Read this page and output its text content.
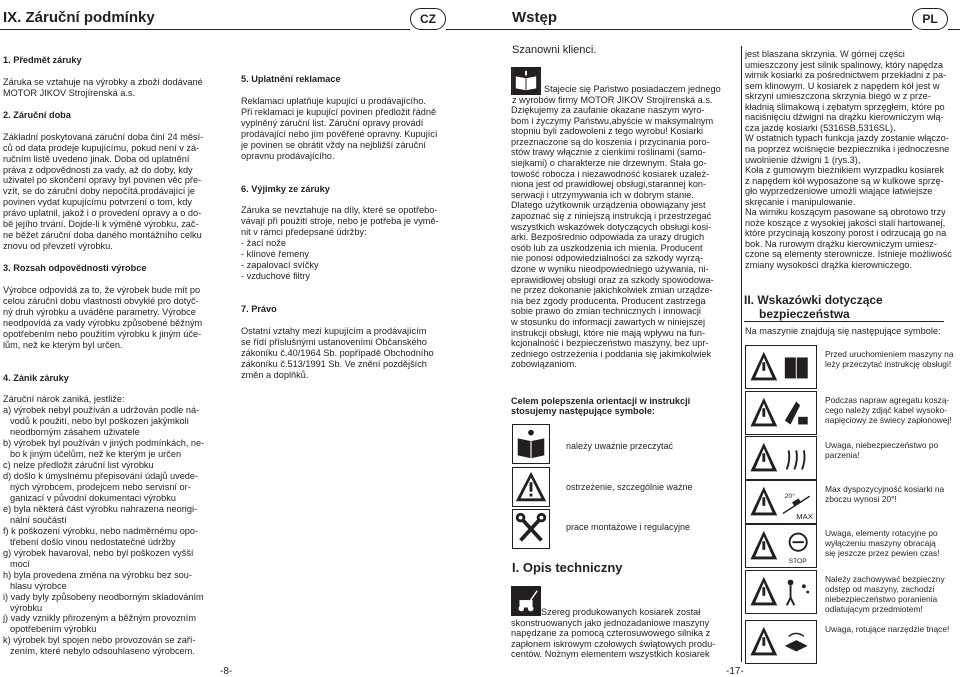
IX. Záruční podmínky	CZ
1. Předmět záruky
Záruka se vztahuje na výrobky a zboží dodávané
MOTOR JIKOV Strojírenská a.s.
2. Záruční doba
Základní poskytovaná záruční doba činí 24 měsí-
ců od data prodeje kupujícímu, pokud není v zá-
ručním listě uvedeno jinak. Doba od uplatnění
práva z odpovědnosti za vady, až do doby, kdy
uživatel po skončení opravy byl povinen věc pře-
vzít, se do záruční doby nepočítá.prodávající je
povinen vydat kupujícímu potvrzení o tom, kdy
právo uplatnil, jakož i o provedení opravy a o do-
bě jejího trvání. Dojde-li k výměně výrobku, zač-
ne běžet záruční doba daného montážního celku
znovu od převzetí výrobku.
3. Rozsah odpovědnosti výrobce
Výrobce odpovídá za to, že výrobek bude mít po
celou záruční dobu vlastnosti obvyklé pro dotyč-
ný druh výrobku a uváděné parametry. Výrobce
neodpovídá za vady výrobku způsobené běžným
opotřebením nebo použitím výrobku k jiným úče-
lům, než ke kterým byl určen.
4. Zánik záruky
Záruční nárok zaniká, jestliže:
a) výrobek nebyl používán a udržován podle ná-
vodů k použití, nebo byl poškozen jakýmkoli
neodborným zásahem uživatele
b) výrobek byl používán v jiných podmínkách, ne-
bo k jiným účelům, než ke kterým je určen
c) nelze předložit záruční list výrobku
d) došlo k úmyslnému přepisování údajů uvede-
ných výrobcem, prodejcem nebo servisní or-
ganizací v původní dokumentaci výrobku
e) byla některá část výrobku nahrazena neorigi-
nální součástí
f) k poškození výrobku, nebo nadměrnému opo-
třebení došlo vinou nedostatečné údržby
g) výrobek havaroval, nebo byl poškozen vyšší
mocí
h) byla provedena změna na výrobku bez sou-
hlasu výrobce
i) vady byly způsobeny neodborným skladováním
výrobku
j) vady vznikly přirozeným a běžným provozním
opotřebením výrobku
k) výrobek byl spojen nebo provozován se zaří-
zením, které nebylo odsouhlaseno výrobcem.
5. Uplatnění reklamace
Reklamaci uplatňuje kupující u prodávajícího.
Při reklamaci je kupující povinen předložit řádně
vyplněný záruční list. Záruční opravy provádí
prodávající nebo jím pověřené opravny. Kupující
je povinen se obrátit vždy na nejbližší záruční
opravnu prodávajícího.
6. Výjimky ze záruky
Záruka se nevztahuje na díly, které se opotřebo-
vávají při použití stroje, nebo je potřeba je vymě-
nit v rámci předepsané údržby:
- žací nože
- klínové řemeny
- zapalovací svíčky
- vzduchové filtry
7. Právo
Ostatní vztahy mezi kupujícím a prodávajícím
se řídí příslušnými ustanoveními Občanského
zákoníku č.40/1964 Sb. popřípadě Obchodního
zákoníku č.513/1991 Sb. Ve znění pozdějších
změn a doplňků.
-8-
Wstęp	PL
-17-
Szanowni klienci.
Stajecie się Państwo posiadaczem jednego
z wyrobów firmy MOTOR JIKOV Strojírenská a.s.
Dziękujemy za zaufanie okazane naszym wyro-
bom i życzymy Państwu,abyście w maksymalnym
stopniu byli zadowoleni z tego wyrobu! Kosiarki
przeznaczone są do koszenia i przycinania poro-
stów trawy włącznie z cienkimi roślinami (samo-
siejkami) o charakterze nie drzewnym. Stała go-
towość robocza i niezawodność kosiarek uzależ-
niona jest od prawidłowej obsługi,starannej kon-
serwacji i utrzymywania ich w dobrym stanie.
Dlatego użytkownik urządzenia obowiązany jest
zapoznać się z niniejszą instrukcją i przestrzegać
wszystkich wskazówek dotyczących obsługi kosi-
arki. Bezpośrednio odpowiada za urazy drugich
osób lub za uszkodzenia ich mienia. Producent
nie ponosi odpowiedzialności za szkody wyrzą-
dzone w wyniku nieodpowiedniego używania, ni-
eprawidłowej obsługi oraz za szkody spowodowa-
ne przez dokonanie jakichkolwiek zmian urządze-
nia bez zgody producenta. Producent zastrzega
sobie prawo do zmian technicznych i innowacji
w stosunku do informacji zawartych w niniejszej
instrukcji obsługi, które nie mają wpływu na fun-
kcjonalność i bezpieczeństwo maszyny, bez upr-
zedniego ostrzeżenia i poddania się jakimkolwiek
zobowiązaniom.
Celem polepszenia orientacji w instrukcji
stosujemy następujące symbole:
należy uważnie przeczytać
ostrzeżenie, szczególnie ważne
prace montażowe i regulacyjne
I. Opis techniczny
Szereg produkowanych kosiarek został
skonstruowanych jako jednozadaniowe maszyny
napędzane za pomocą czterosuwowego silnika z
zapłonem iskrowym czołowych świątowych produ-
centów. Nożnym elementem wszystkich kosiarek
jest blaszana skrzynia. W górnej części
umieszczony jest silnik spalinowy, który napędza
wirnik kosiarki za pośrednictwem przekładni z pa-
sem klinowym. U kosiarek z napędem kół jest w
skrzyni umieszczona skrzynia biegó w z prze-
kładnią ślimakową i zębatym sprzęgłem, które po
naciśnięciu dźwigni na drążku kierowniczym włą-
cza jazdę kosiarki (5316SB,5316SL).
W ostatnich typach funkcja jazdy zostanie włączo-
na poprzez wciśnięcie bezpiecznika i jednoczesne
uwolnienie dźwigni 1 (rys.3),
Koła z gumowym bieżnikiem wyrzpadku kosiarek
z napędem kół wyposażone są w kulkowe sprzę-
gło wyprzedzeniowe umożli wiające łatwiejsze
skręcanie i manipulowanie.
Na wirniku koszącym pasowane są obrotowo trzy
noże koszące z wysokiej jakości stali hartowanej,
które przycinają koszony porost i odrzucają go na
bok. Na rurowym drążku kierowniczym umiesz-
czone są elementy sterownicze. Istnieje możliwość
zmiany wysokości drążka kierowniczego.
II. Wskazówki dotyczące
bezpieczeństwa
Na maszynie znajdują się następujące symbole:
Przed uruchomieniem maszyny na
leży przeczytać instrukcję obsługi!
Podczas napraw agregatu koszą-
cego należy zdjąć kabel wysoko-
napięciowy ze świecy zapłonowej!
Uwaga, niebezpieczeństwo po
parzenia!
20°
MAX
Max dyspozycyjność kosiarki na
zboczu wynosi 20°!
STOP
Uwaga, elementy rotacyjne po
wyłączeniu maszyny obracają
się jeszcze przez pewien czas!
Należy zachowywać bezpieczny
odstęp od maszyny, zachodzi
niebezpieczeństwo poranienia
odlatującym przedmiotem!
Uwaga, rotujące narzędzie tnące!
